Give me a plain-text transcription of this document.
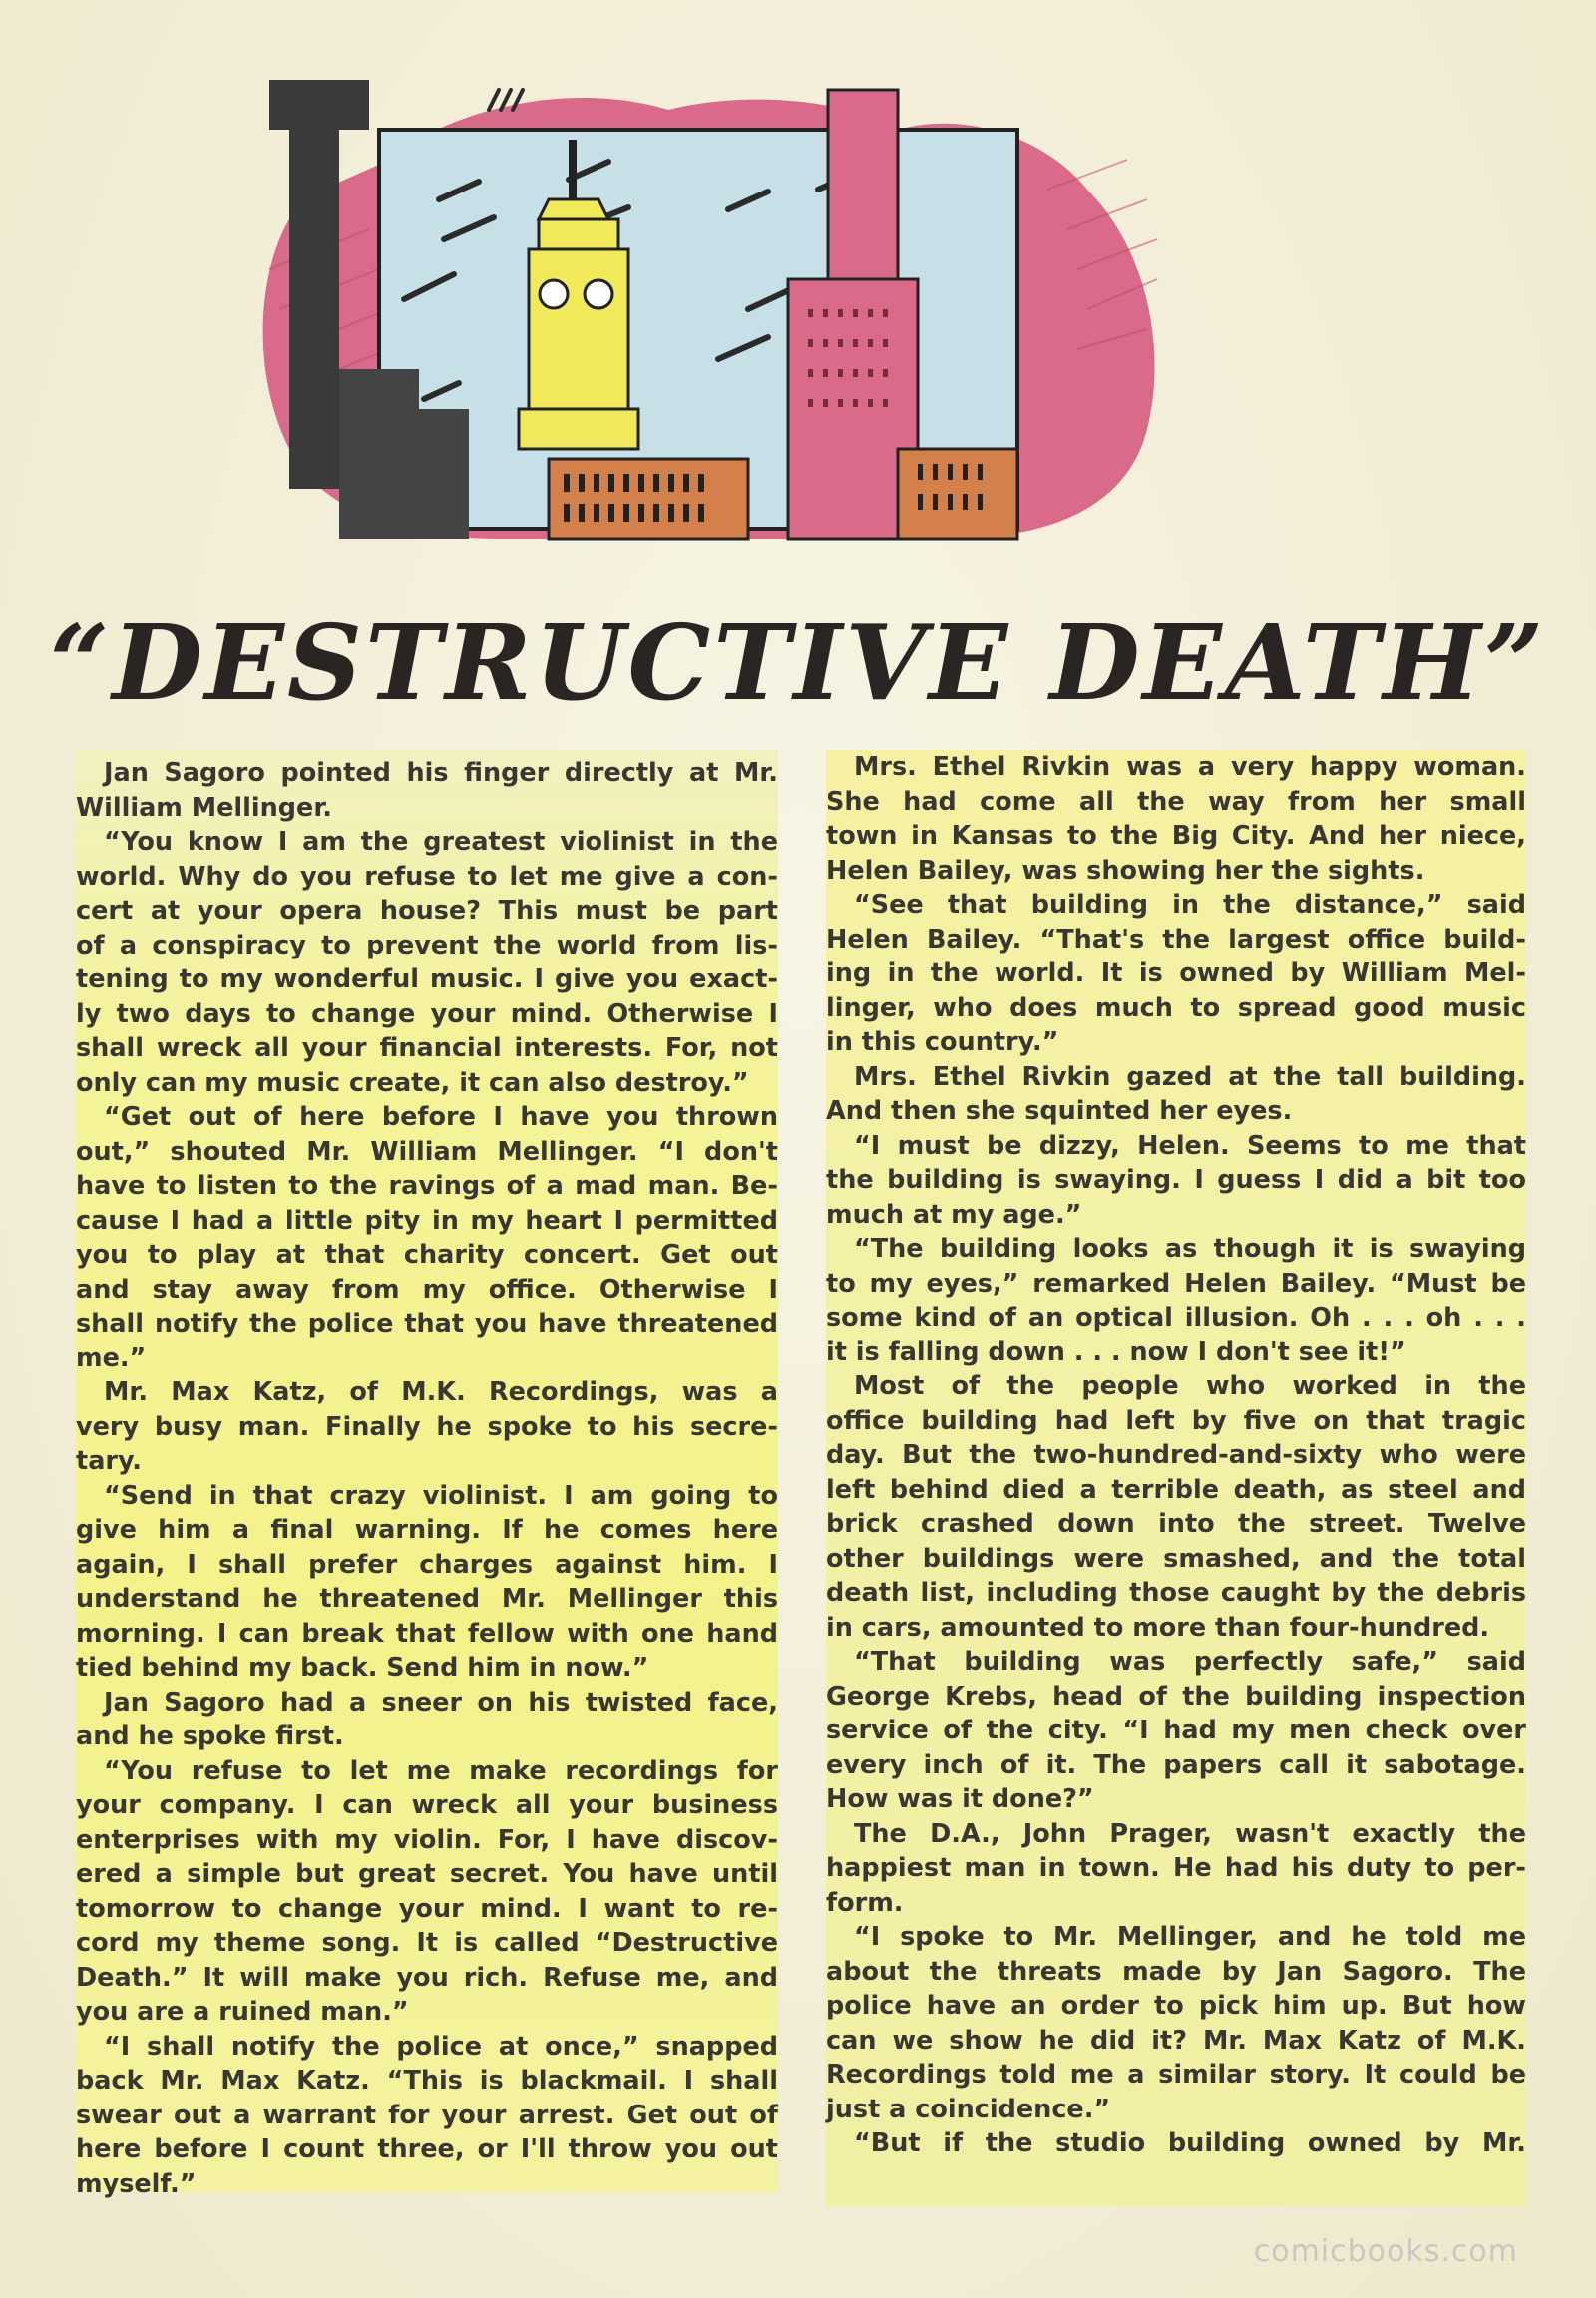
“DESTRUCTIVE DEATH”

Jan Sagoro pointed his finger directly at Mr.
William Mellinger.

“You know I am the greatest violinist in the
world. Why do you refuse to let me give a con-
cert at your opera house? This must be part
of a conspiracy to prevent the world from lis-
tening to my wonderful music. I give you exact-
ly two days to change your mind. Otherwise I
shall wreck all your financial interests. For, not
only can my music create, it can also destroy.”

“Get out of here before I have you thrown
out,” shouted Mr. William Mellinger. “I don't
have to listen to the ravings of a mad man. Be-
cause I had a little pity in my heart I permitted
you to play at that charity concert. Get out
and stay away from my office. Otherwise I
shall notify the police that you have threatened
me.”

Mr. Max Katz, of M.K. Recordings, was a
very busy man. Finally he spoke to his secre-
tary.

“Send in that crazy violinist. I am going to
give him a final warning. If he comes here
again, I shall prefer charges against him. I
understand he threatened Mr. Mellinger this
morning. I can break that fellow with one hand
tied behind my back. Send him in now.”

Jan Sagoro had a sneer on his twisted face,
and he spoke first.

“You refuse to let me make recordings for
your company. I can wreck all your business
enterprises with my violin. For, I have discov-
ered a simple but great secret. You have until
tomorrow to change your mind. I want to re-
cord my theme song. It is called “Destructive
Death.” It will make you rich. Refuse me, and
you are a ruined man.”

“I shall notify the police at once,” snapped
back Mr. Max Katz. “This is blackmail. I shall
swear out a warrant for your arrest. Get out of
here before I count three, or I'll throw you out
myself.”

Mrs. Ethel Rivkin was a very happy woman.
She had come all the way from her small
town in Kansas to the Big City. And her niece,
Helen Bailey, was showing her the sights.

“See that building in the distance,” said
Helen Bailey. “That's the largest office build-
ing in the world. It is owned by William Mel-
linger, who does much to spread good music
in this country.”

Mrs. Ethel Rivkin gazed at the tall building.
And then she squinted her eyes.

“I must be dizzy, Helen. Seems to me that
the building is swaying. I guess I did a bit too
much at my age.”

“The building looks as though it is swaying
to my eyes,” remarked Helen Bailey. “Must be
some kind of an optical illusion. Oh . . . oh . . .
it is falling down . . . now I don't see it!”

Most of the people who worked in the
office building had left by five on that tragic
day. But the two-hundred-and-sixty who were
left behind died a terrible death, as steel and
brick crashed down into the street. Twelve
other buildings were smashed, and the total
death list, including those caught by the debris
in cars, amounted to more than four-hundred.

“That building was perfectly safe,” said
George Krebs, head of the building inspection
service of the city. “I had my men check over
every inch of it. The papers call it sabotage.
How was it done?”

The D.A., John Prager, wasn't exactly the
happiest man in town. He had his duty to per-
form.

“I spoke to Mr. Mellinger, and he told me
about the threats made by Jan Sagoro. The
police have an order to pick him up. But how
can we show he did it? Mr. Max Katz of M.K.
Recordings told me a similar story. It could be
just a coincidence.”

“But if the studio building owned by Mr.

comicbooks.com
